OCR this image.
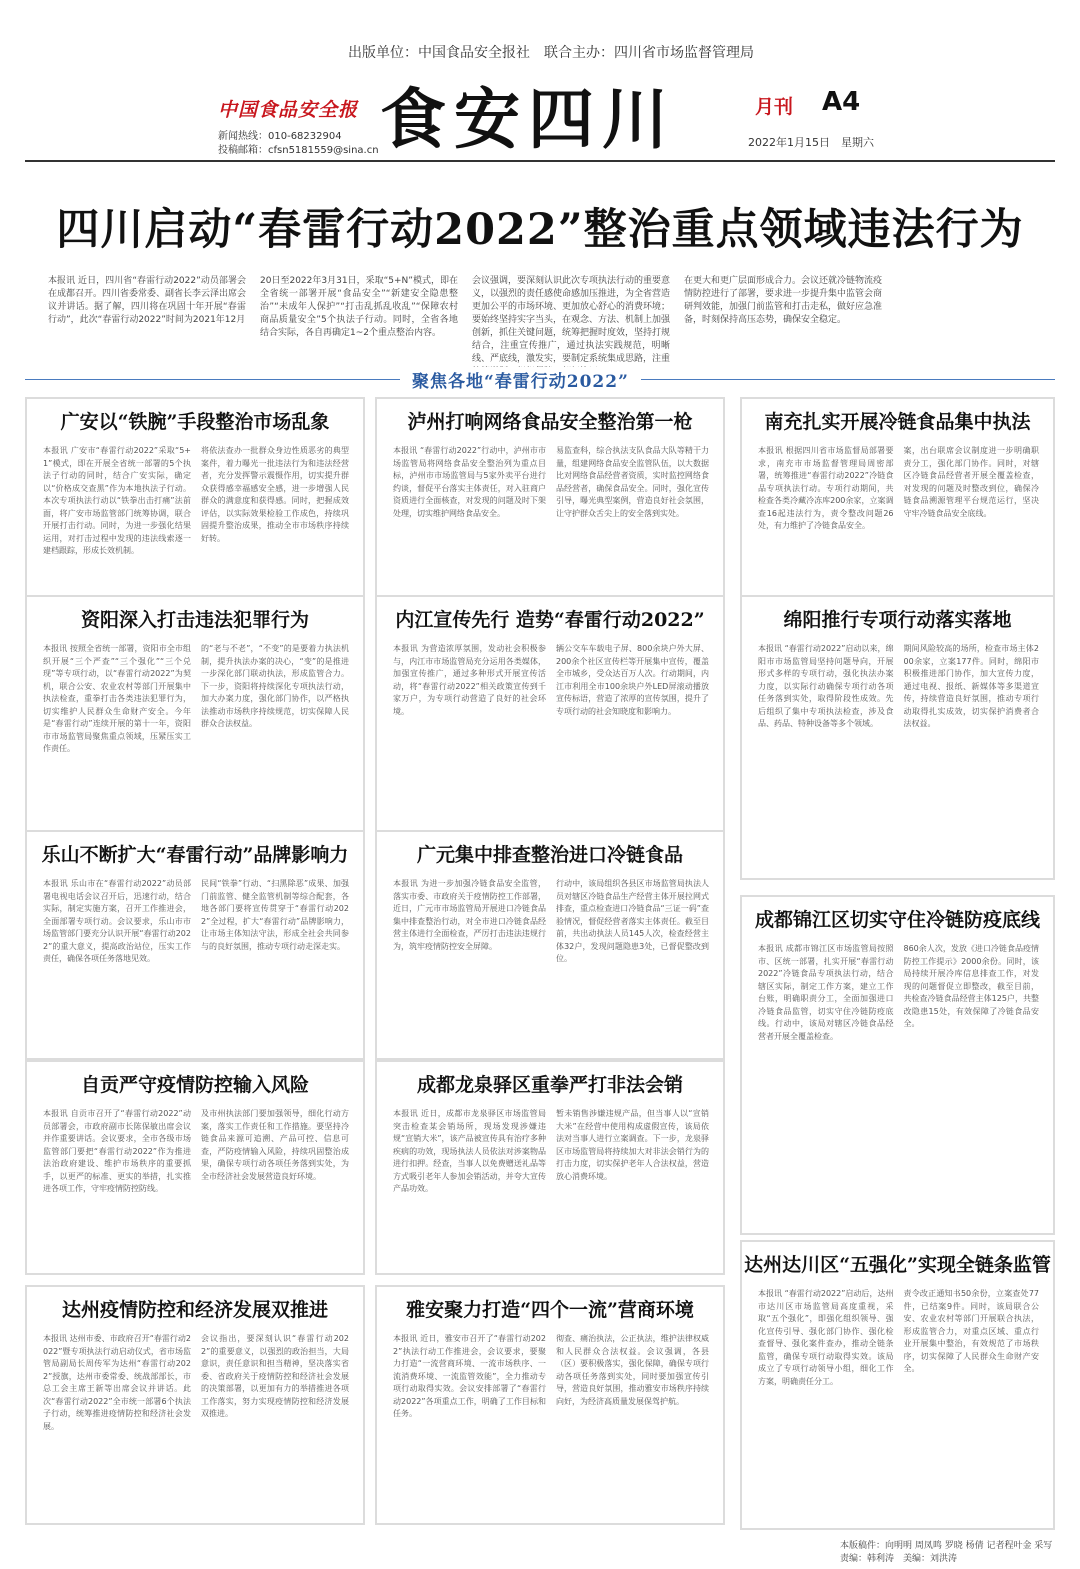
出版单位：中国食品安全报社　联合主办：四川省市场监督管理局
中国食品安全报
新闻热线：010-68232904
投稿邮箱：cfsn5181559@sina.cn 食安四川	月刊 A4
2022年1月15日　星期六
四川启动“春雷行动2022”整治重点领域违法行为
本报讯 近日，四川省“春雷行动2022”动员部署会在成都召开。四川省委常委、副省长李云泽出席会议并讲话。据了解，四川将在巩固十年开展“春雷行动”，此次“春雷行动2022”时间为2021年12月
20日至2022年3月31日，采取“5+N”模式，即在全省统一部署开展“食品安全”“新建安全隐患整治”“未成年人保护”“打击乱抓乱收乱”“保障农村商品质量安全”5个执法子行动。同时，全省各地结合实际，各自再确定1~2个重点整治内容。
会议强调，要深刻认识此次专项执法行动的重要意义，以强烈的责任感使命感加压推进，为全省营造更加公平的市场环境、更加放心舒心的消费环境；要始终坚持实字当头，在观念、方法、机制上加强创新，抓住关键问题，统筹把握时度效，坚持打规结合，注重宣传推广，通过执法实践规范，明晰线、严底线，激发实，要制定系统集成思路，注重
在更大和更广层面形成合力。会议还就冷链物流疫情防控进行了部署，要求进一步提升集中监管会商研判效能，加强门前监管和打击走私，做好应急准备，时刻保持高压态势，确保安全稳定。
聚焦各地“春雷行动2022”
广安以“铁腕”手段整治市场乱象
本报讯 广安市“春雷行动2022”采取“5+1”模式，即在开展全省统一部署的5个执法子行动的同时，结合广安实际，确定以“价格成交查黑”作为本地执法子行动。本次专项执法行动以“铁拳出击打痛”法前面，将广安市场监管部门统筹协调，联合开展打击行动。同时，为进一步强化结果运用，对打击过程中发现的违法线索逐一建档跟踪，形成长效机制。
将依法查办一批群众身边性质恶劣的典型案件，着力曝光一批违法行为和违法经营者，充分发挥警示震慑作用，切实提升群众获得感幸福感安全感，进一步增强人民群众的满意度和获得感。同时，把握成效评估，以实际效果检验工作成色，持续巩固提升整治成果，推动全市市场秩序持续好转。
泸州打响网络食品安全整治第一枪
本报讯 “春雷行动2022”行动中，泸州市市场监管局将网络食品安全整治列为重点目标，泸州市市场监管局与5家外卖平台进行约谈，督促平台落实主体责任，对入驻商户资质进行全面核查，对发现的问题及时下架处理，切实维护网络食品安全。
易监查科，综合执法支队食品大队等精干力量，组建网络食品安全监管队伍，以大数据比对网络食品经营者资质，实时监控网络食品经营者，确保食品安全。同时，强化宣传引导，曝光典型案例，营造良好社会氛围，让守护群众舌尖上的安全落到实处。
南充扎实开展冷链食品集中执法
本报讯 根据四川省市场监督局部署要求，南充市市场监督管理局周密部署，统筹推进“春雷行动2022”冷链食品专项执法行动。专项行动期间，共检查各类冷藏冷冻库200余家，立案调查16起违法行为，责令整改问题26处，有力维护了冷链食品安全。
案，出台联席会议制度进一步明确职责分工，强化部门协作。同时，对辖区冷链食品经营者开展全覆盖检查，对发现的问题及时整改到位，确保冷链食品溯源管理平台规范运行，坚决守牢冷链食品安全底线。
资阳深入打击违法犯罪行为
本报讯 按照全省统一部署，资阳市全市组织开展“三个严查”“三个强化”“三个兑现”等专项行动，以“春雷行动2022”为契机，联合公安、农业农村等部门开展集中执法检查，重拳打击各类违法犯罪行为，切实维护人民群众生命财产安全。今年是“春雷行动”连续开展的第十一年，资阳市市场监管局聚焦重点领域，压紧压实工作责任。
的“老与不老”，“不变”的是要着力执法机制，提升执法办案的决心，“变”的是推进一步深化部门联动执法，形成监管合力。下一步，资阳将持续深化专项执法行动，加大办案力度，强化部门协作，以严格执法推动市场秩序持续规范，切实保障人民群众合法权益。
内江宣传先行 造势“春雷行动2022”
本报讯 为营造浓厚氛围，发动社会积极参与，内江市市场监管局充分运用各类媒体，加强宣传推广，通过多种形式开展宣传活动，将“春雷行动2022”相关政策宣传到千家万户，为专项行动营造了良好的社会环境。
辆公交车车载电子屏、800余块户外大屏、200余个社区宣传栏等开展集中宣传，覆盖全市城乡，受众达百万人次。行动期间，内江市利用全市100余块户外LED屏滚动播放宣传标语，营造了浓厚的宣传氛围，提升了专项行动的社会知晓度和影响力。
绵阳推行专项行动落实落地
本报讯 “春雷行动2022”启动以来，绵阳市市场监管局坚持问题导向，开展形式多样的专项行动，强化执法办案力度，以实际行动确保专项行动各项任务落到实处，取得阶段性成效。先后组织了集中专项执法检查，涉及食品、药品、特种设备等多个领域。
期间风险较高的场所，检查市场主体200余家，立案177件。同时，绵阳市积极推进部门协作，加大宣传力度，通过电视、报纸、新媒体等多渠道宣传，持续营造良好氛围，推动专项行动取得扎实成效，切实保护消费者合法权益。
乐山不断扩大“春雷行动”品牌影响力
本报讯 乐山市在“春雷行动2022”动员部署电视电话会议召开后，迅速行动，结合实际，制定实施方案，召开工作推进会，全面部署专项行动。会议要求，乐山市市场监管部门要充分认识开展“春雷行动2022”的重大意义，提高政治站位，压实工作责任，确保各项任务落地见效。
民间“铁拳”行动、“扫黑除恶”成果、加强门前监管、健全监管机制等综合配套，各地各部门要将宣传贯穿于“春雷行动2022”全过程，扩大“春雷行动”品牌影响力，让市场主体知法守法，形成全社会共同参与的良好氛围，推动专项行动走深走实。
广元集中排查整治进口冷链食品
本报讯 为进一步加强冷链食品安全监管，落实市委、市政府关于疫情防控工作部署，近日，广元市市场监管局开展进口冷链食品集中排查整治行动，对全市进口冷链食品经营主体进行全面检查，严厉打击违法违规行为，筑牢疫情防控安全屏障。
行动中，该局组织各县区市场监管局执法人员对辖区冷链食品生产经营主体开展拉网式排查，重点检查进口冷链食品“三证一码”查验情况，督促经营者落实主体责任。截至目前，共出动执法人员145人次，检查经营主体32户，发现问题隐患3处，已督促整改到位。
成都锦江区切实守住冷链防疫底线
本报讯 成都市锦江区市场监管局按照市、区统一部署，扎实开展“春雷行动2022”冷链食品专项执法行动，结合辖区实际，制定工作方案，建立工作台账，明确职责分工，全面加强进口冷链食品监管，切实守住冷链防疫底线。行动中，该局对辖区冷链食品经营者开展全覆盖检查。
860余人次，发放《进口冷链食品疫情防控工作提示》2000余份。同时，该局持续开展冷库信息排查工作，对发现的问题督促立即整改，截至目前，共检查冷链食品经营主体125户，共整改隐患15处，有效保障了冷链食品安全。
自贡严守疫情防控输入风险
本报讯 自贡市召开了“春雷行动2022”动员部署会，市政府副市长陈保敏出席会议并作重要讲话。会议要求，全市各级市场监管部门要把“春雷行动2022”作为推进法治政府建设、维护市场秩序的重要抓手，以更严的标准、更实的举措，扎实推进各项工作，守牢疫情防控防线。
及市州执法部门要加强领导，细化行动方案，落实工作责任和工作措施。要坚持冷链食品来源可追溯、产品可控、信息可查，严防疫情输入风险，持续巩固整治成果，确保专项行动各项任务落到实处，为全市经济社会发展营造良好环境。
成都龙泉驿区重拳严打非法会销
本报讯 近日，成都市龙泉驿区市场监管局突击检查某会销场所，现场发现涉嫌违规“宣销大米”，该产品被宣传具有治疗多种疾病的功效，现场执法人员依法对涉案物品进行扣押。经查，当事人以免费赠送礼品等方式吸引老年人参加会销活动，并夸大宣传产品功效。
暂未销售涉嫌违规产品，但当事人以“宣销大米”在经营中使用构成虚假宣传，该局依法对当事人进行立案调查。下一步，龙泉驿区市场监管局将持续加大对非法会销行为的打击力度，切实保护老年人合法权益，营造放心消费环境。
达州达川区“五强化”实现全链条监管
本报讯 “春雷行动2022”启动后，达州市达川区市场监管局高度重视，采取“五个强化”，即强化组织领导、强化宣传引导、强化部门协作、强化检查督导、强化案件查办，推动全链条监管，确保专项行动取得实效。该局成立了专项行动领导小组，细化工作方案，明确责任分工。
责令改正通知书50余份，立案查处77件，已结案9件。同时，该局联合公安、农业农村等部门开展联合执法，形成监管合力，对重点区域、重点行业开展集中整治，有效规范了市场秩序，切实保障了人民群众生命财产安全。
达州疫情防控和经济发展双推进
本报讯 达州市委、市政府召开“春雷行动2022”暨专项执法行动启动仪式，省市场监管局副局长周传军为达州“春雷行动2022”授旗，达州市委常委、统战部部长，市总工会主席王新等出席会议并讲话。此次“春雷行动2022”全市统一部署6个执法子行动，统筹推进疫情防控和经济社会发展。
会议指出，要深刻认识“春雷行动2022”的重要意义，以强烈的政治担当，大局意识，责任意识和担当精神，坚决落实省委、省政府关于疫情防控和经济社会发展的决策部署，以更加有力的举措推进各项工作落实，努力实现疫情防控和经济发展双推进。
雅安聚力打造“四个一流”营商环境
本报讯 近日，雅安市召开了“春雷行动2022”执法行动工作推进会，会议要求，要聚力打造“一流营商环境、一流市场秩序、一流消费环境、一流监管效能”，全力推动专项行动取得实效。会议安排部署了“春雷行动2022”各项重点工作，明确了工作目标和任务。
彻查、痛治执法，公正执法，维护法律权威和人民群众合法权益。会议强调，各县（区）要积极落实，强化保障，确保专项行动各项任务落到实处，同时要加强宣传引导，营造良好氛围，推动雅安市场秩序持续向好，为经济高质量发展保驾护航。
本版稿件：向明明 周凤鸣 罗晓 杨倩 记者程叶金 采写
责编：韩利涛　美编：刘洪涛
